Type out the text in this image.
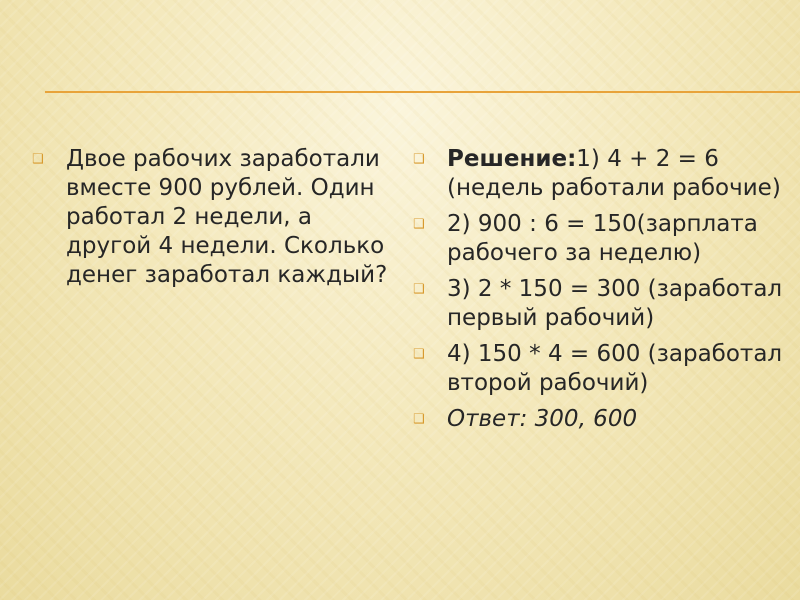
❑ Двое рабочих заработали вместе 900 рублей. Один работал 2 недели, а другой 4 недели. Сколько денег заработал каждый?
❑ Решение:1) 4 + 2 = 6 (недель работали рабочие)
❑ 2) 900 : 6 = 150(зарплата рабочего за неделю)
❑ 3) 2 * 150 = 300 (заработал первый рабочий)
❑ 4) 150 * 4 = 600 (заработал второй рабочий)
❑ Ответ: 300, 600
